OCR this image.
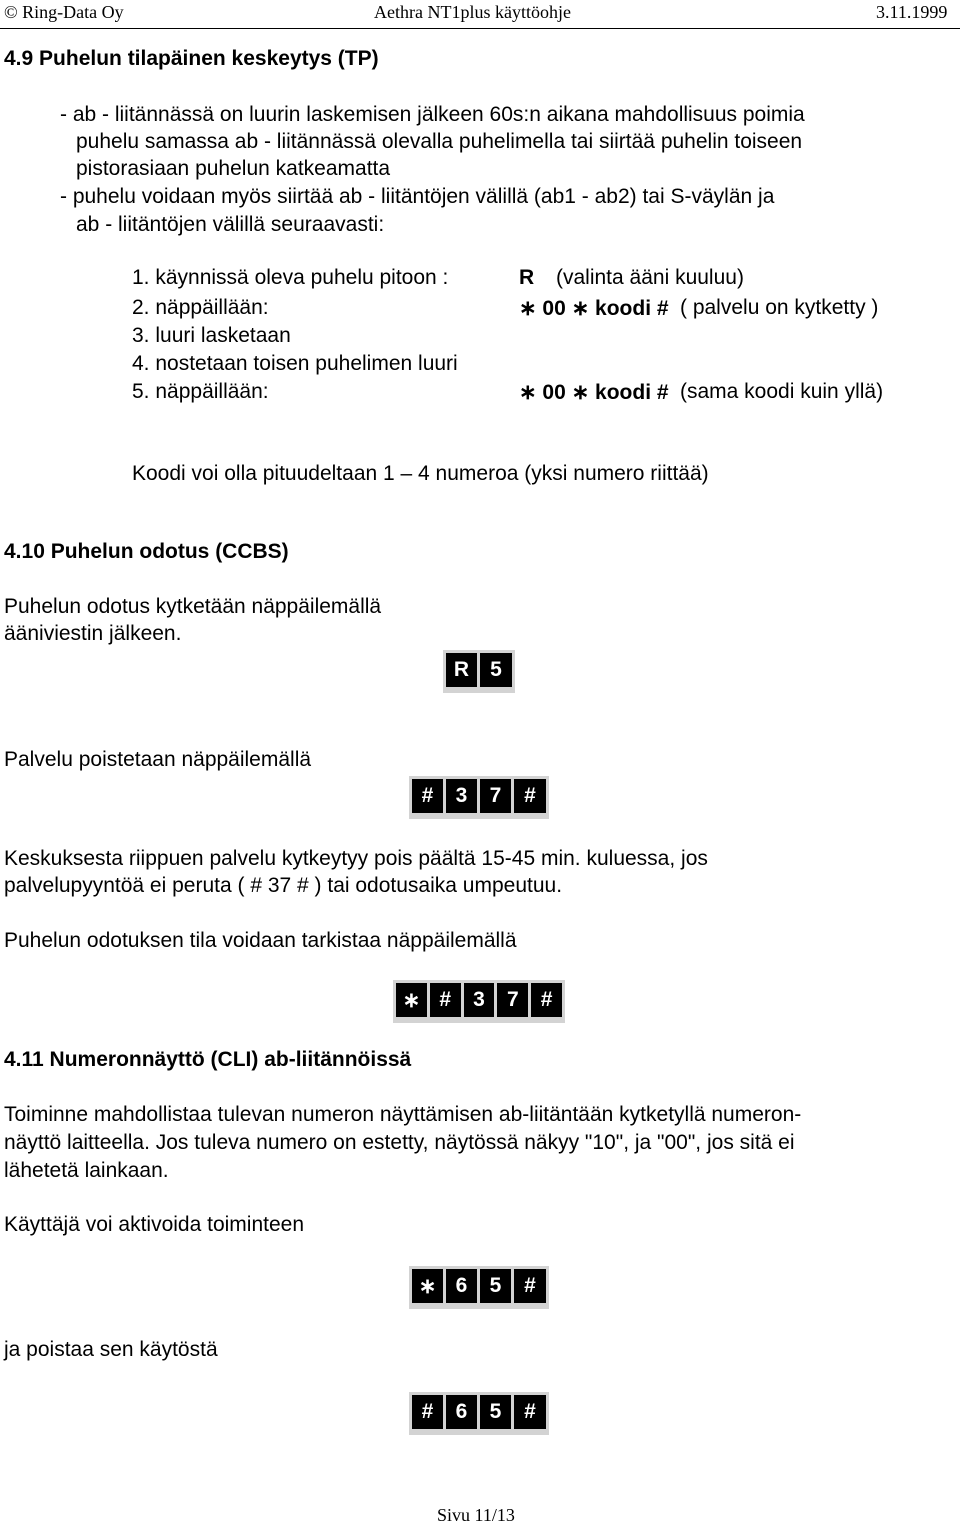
© Ring-Data Oy	Aethra NT1plus käyttöohje	3.11.1999
4.9 Puhelun tilapäinen keskeytys (TP)
- ab - liitännässä on luurin laskemisen jälkeen 60s:n aikana mahdollisuus poimia
puhelu samassa ab - liitännässä olevalla puhelimella tai siirtää puhelin toiseen
pistorasiaan puhelun katkeamatta
- puhelu voidaan myös siirtää ab - liitäntöjen välillä (ab1 - ab2) tai S-väylän ja
ab - liitäntöjen välillä seuraavasti:
1. käynnissä oleva puhelu pitoon :	R (valinta ääni kuuluu)
2. näppäillään:	∗ 00 ∗ koodi # ( palvelu on kytketty )
3. luuri lasketaan
4. nostetaan toisen puhelimen luuri
5. näppäillään:	∗ 00 ∗ koodi # (sama koodi kuin yllä)
Koodi voi olla pituudeltaan 1 – 4 numeroa (yksi numero riittää)
4.10 Puhelun odotus (CCBS)
Puhelun odotus kytketään näppäilemällä
ääniviestin jälkeen.
R	5
Palvelu poistetaan näppäilemällä
#	3	7	#
Keskuksesta riippuen palvelu kytkeytyy pois päältä 15-45 min. kuluessa, jos
palvelupyyntöä ei peruta ( # 37 # ) tai odotusaika umpeutuu.
Puhelun odotuksen tila voidaan tarkistaa näppäilemällä
∗ #	3	7	#
4.11 Numeronnäyttö (CLI) ab-liitännöissä
Toiminne mahdollistaa tulevan numeron näyttämisen ab-liitäntään kytketyllä numeron-
näyttö laitteella. Jos tuleva numero on estetty, näytössä näkyy "10", ja "00", jos sitä ei
lähetetä lainkaan.
Käyttäjä voi aktivoida toiminteen
∗ 6	5	#
ja poistaa sen käytöstä
#	6	5	#
Sivu 11/13
